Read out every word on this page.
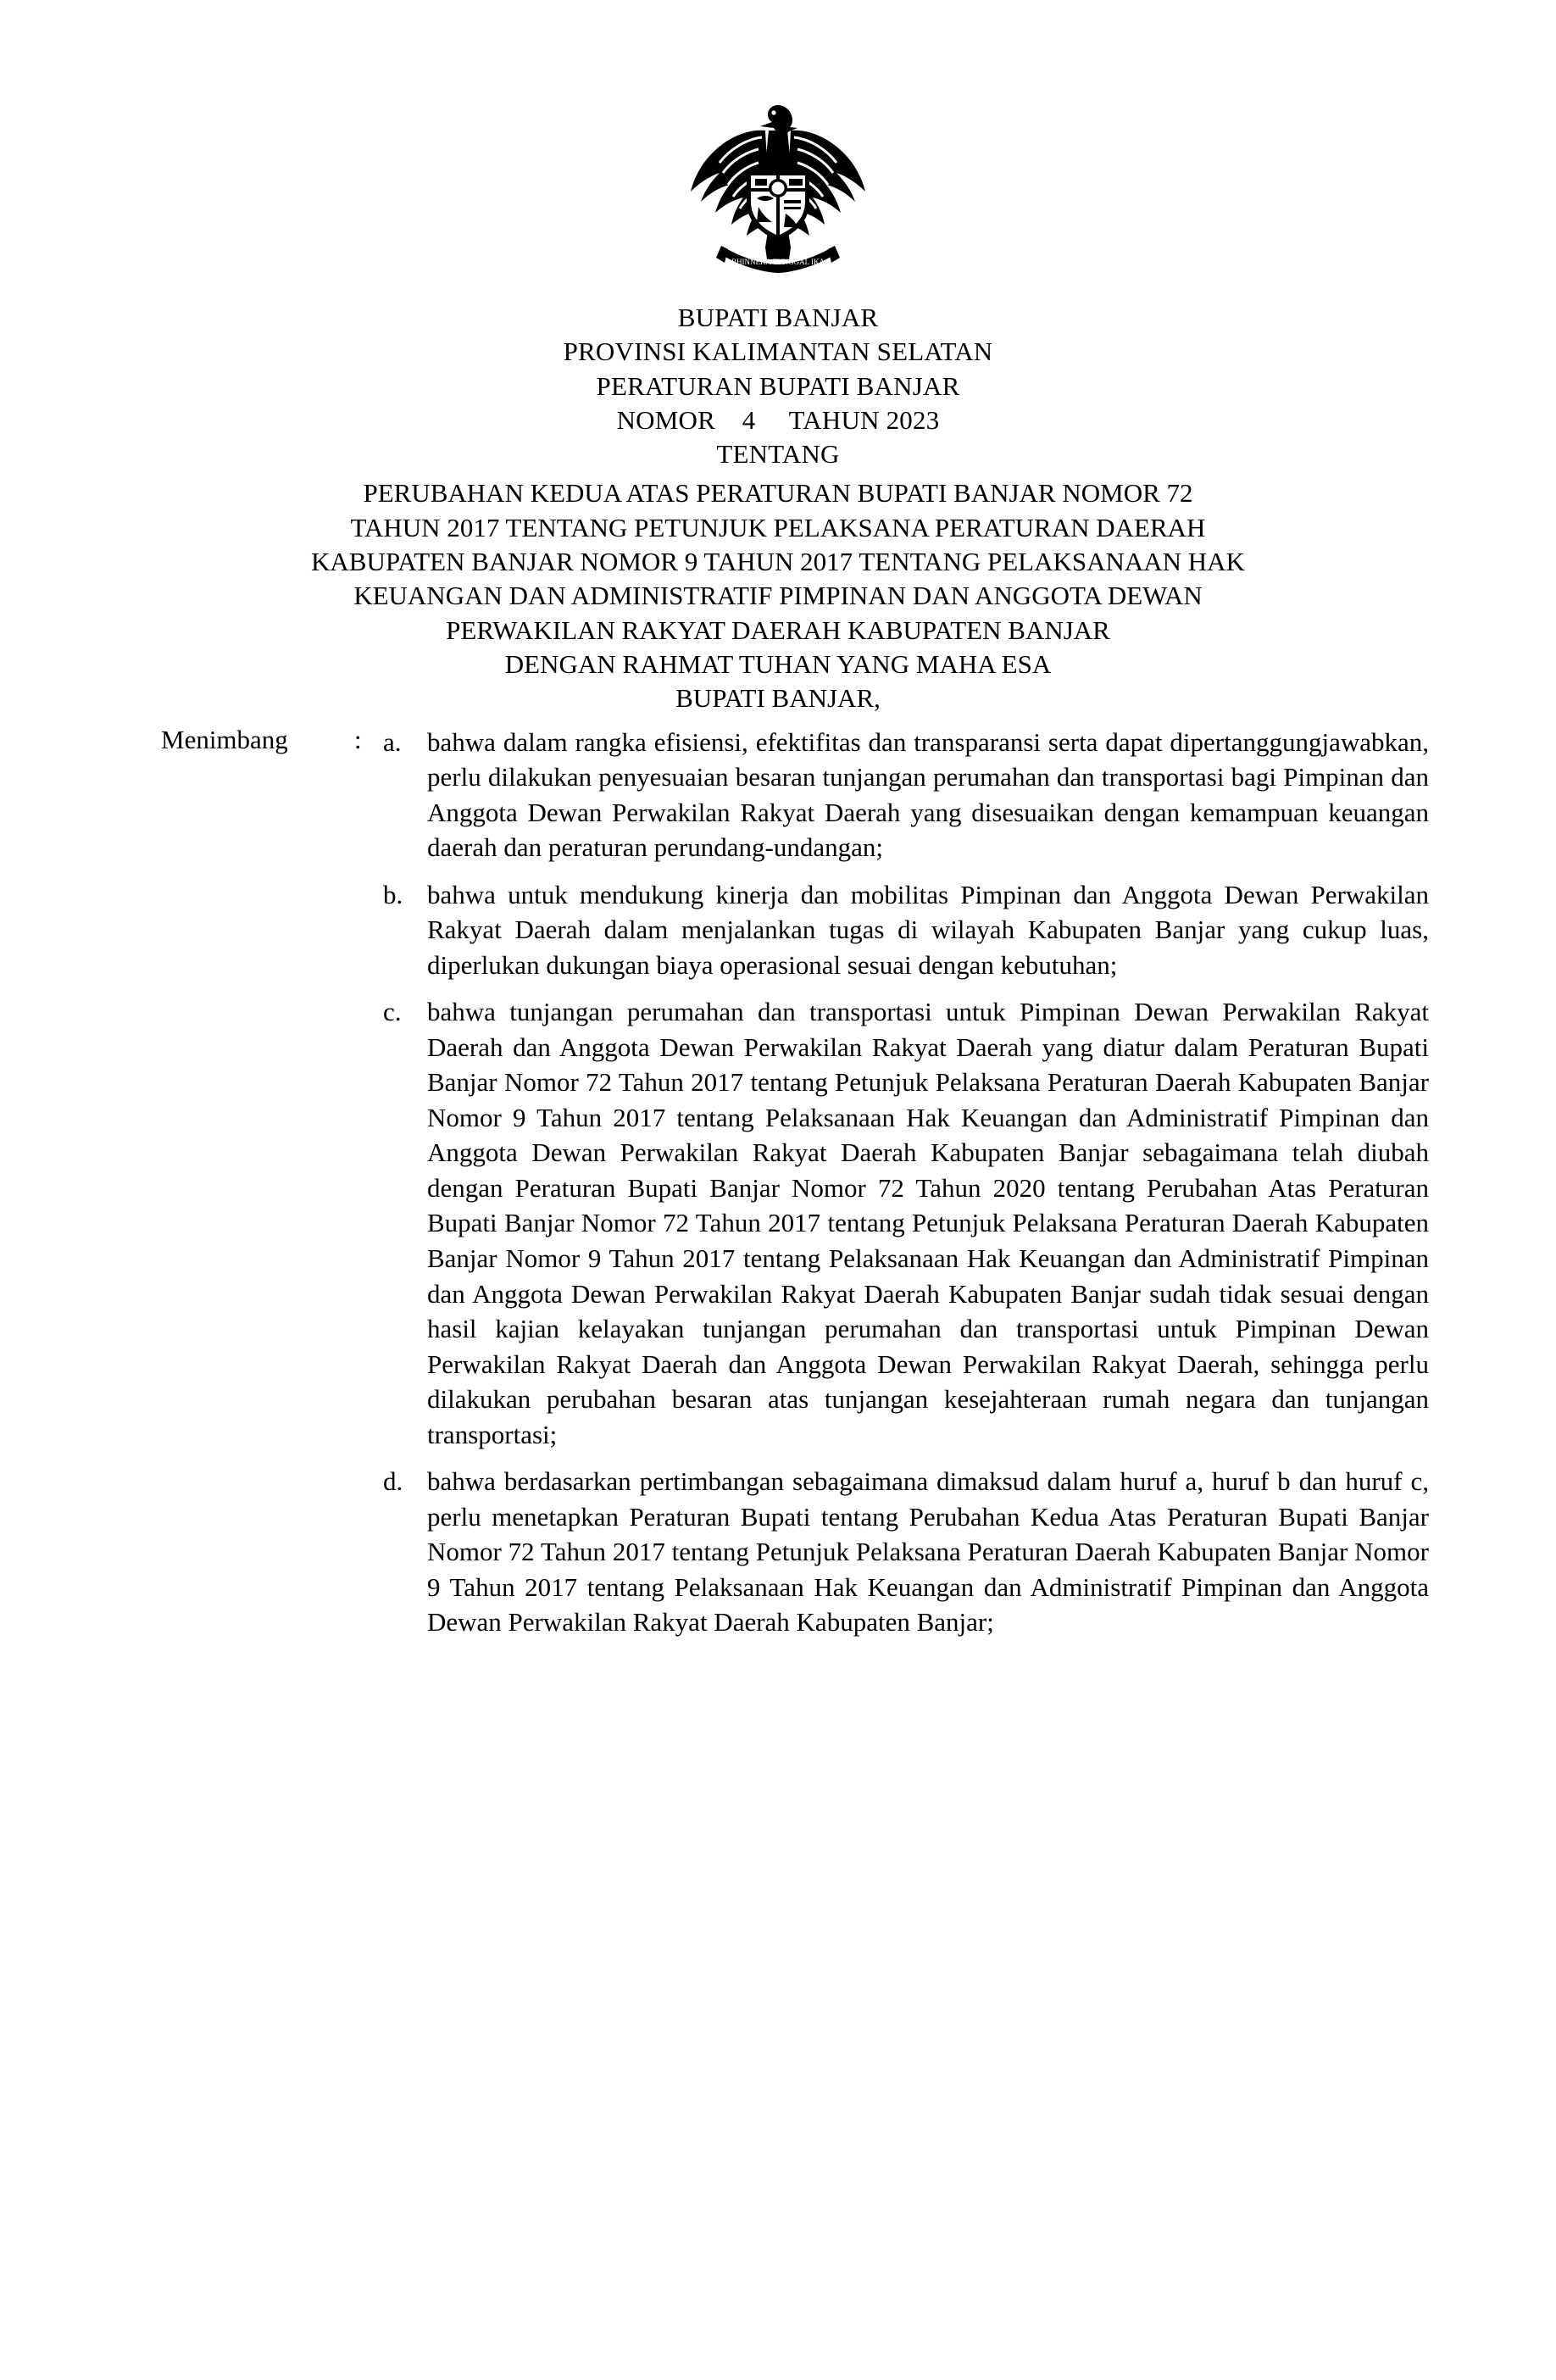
BHINNEKA TUNGGAL IKA
BUPATI BANJAR
PROVINSI KALIMANTAN SELATAN
PERATURAN BUPATI BANJAR
NOMOR    4     TAHUN 2023
TENTANG
PERUBAHAN KEDUA ATAS PERATURAN BUPATI BANJAR NOMOR 72
TAHUN 2017 TENTANG PETUNJUK PELAKSANA PERATURAN DAERAH
KABUPATEN BANJAR NOMOR 9 TAHUN 2017 TENTANG PELAKSANAAN HAK
KEUANGAN DAN ADMINISTRATIF PIMPINAN DAN ANGGOTA DEWAN
PERWAKILAN RAKYAT DAERAH KABUPATEN BANJAR
DENGAN RAHMAT TUHAN YANG MAHA ESA
BUPATI BANJAR,
Menimbang	: a. bahwa dalam rangka efisiensi, efektifitas dan transparansi serta dapat dipertanggungjawabkan, perlu dilakukan penyesuaian besaran tunjangan perumahan dan transportasi bagi Pimpinan dan Anggota Dewan Perwakilan Rakyat Daerah yang disesuaikan dengan kemampuan keuangan daerah dan peraturan perundang-undangan;
b. bahwa untuk mendukung kinerja dan mobilitas Pimpinan dan Anggota Dewan Perwakilan Rakyat Daerah dalam menjalankan tugas di wilayah Kabupaten Banjar yang cukup luas, diperlukan dukungan biaya operasional sesuai dengan kebutuhan;
c. bahwa tunjangan perumahan dan transportasi untuk Pimpinan Dewan Perwakilan Rakyat Daerah dan Anggota Dewan Perwakilan Rakyat Daerah yang diatur dalam Peraturan Bupati Banjar Nomor 72 Tahun 2017 tentang Petunjuk Pelaksana Peraturan Daerah Kabupaten Banjar Nomor 9 Tahun 2017 tentang Pelaksanaan Hak Keuangan dan Administratif Pimpinan dan Anggota Dewan Perwakilan Rakyat Daerah Kabupaten Banjar sebagaimana telah diubah dengan Peraturan Bupati Banjar Nomor 72 Tahun 2020 tentang Perubahan Atas Peraturan Bupati Banjar Nomor 72 Tahun 2017 tentang Petunjuk Pelaksana Peraturan Daerah Kabupaten Banjar Nomor 9 Tahun 2017 tentang Pelaksanaan Hak Keuangan dan Administratif Pimpinan dan Anggota Dewan Perwakilan Rakyat Daerah Kabupaten Banjar sudah tidak sesuai dengan hasil kajian kelayakan tunjangan perumahan dan transportasi untuk Pimpinan Dewan Perwakilan Rakyat Daerah dan Anggota Dewan Perwakilan Rakyat Daerah, sehingga perlu dilakukan perubahan besaran atas tunjangan kesejahteraan rumah negara dan tunjangan transportasi;
d. bahwa berdasarkan pertimbangan sebagaimana dimaksud dalam huruf a, huruf b dan huruf c, perlu menetapkan Peraturan Bupati tentang Perubahan Kedua Atas Peraturan Bupati Banjar Nomor 72 Tahun 2017 tentang Petunjuk Pelaksana Peraturan Daerah Kabupaten Banjar Nomor 9 Tahun 2017 tentang Pelaksanaan Hak Keuangan dan Administratif Pimpinan dan Anggota Dewan Perwakilan Rakyat Daerah Kabupaten Banjar;
